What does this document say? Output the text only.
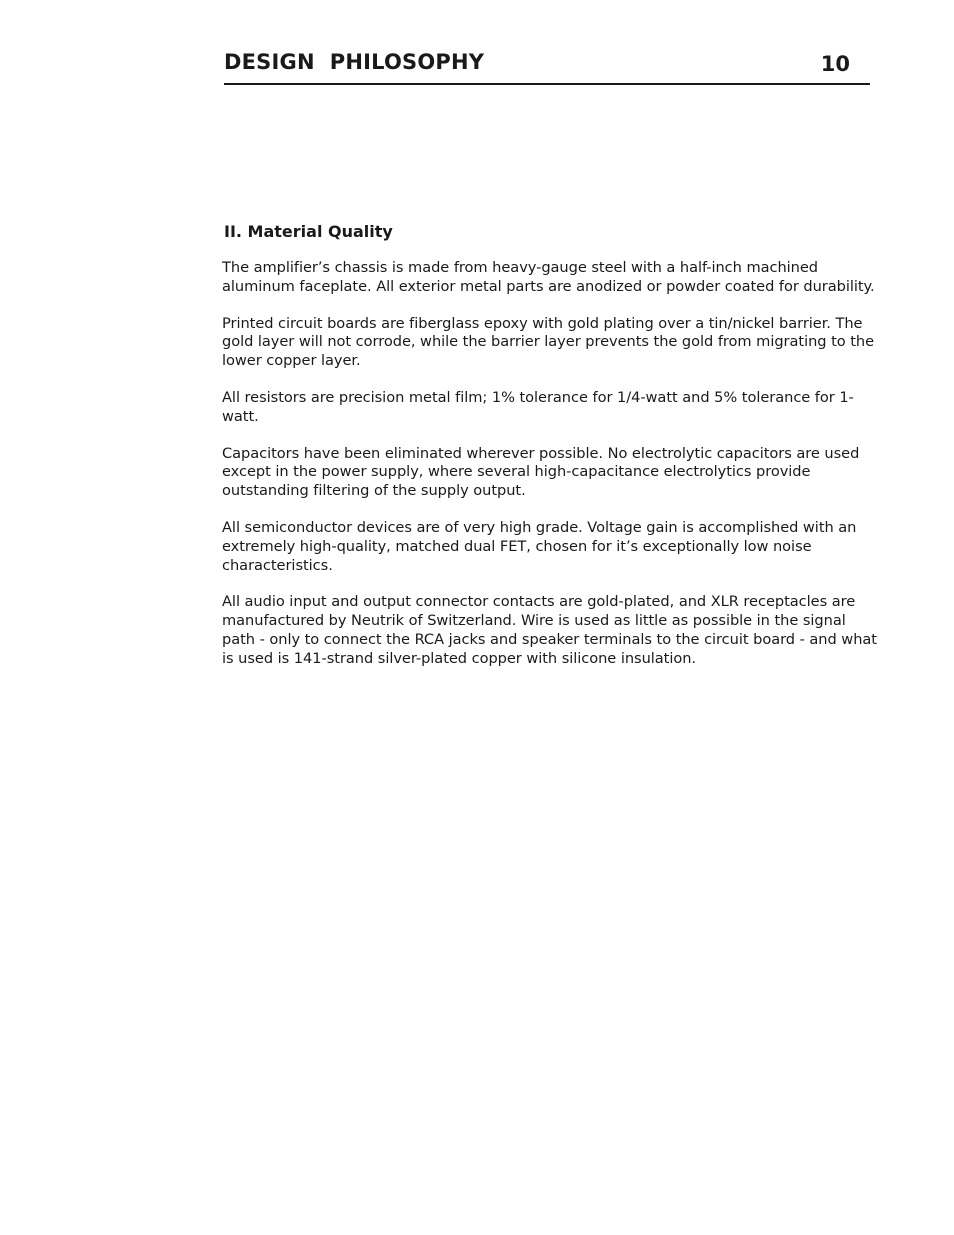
DESIGN  PHILOSOPHY	10
II. Material Quality

The amplifier’s chassis is made from heavy-gauge steel with a half-inch machined aluminum faceplate. All exterior metal parts are anodized or powder coated for durability.

Printed circuit boards are fiberglass epoxy with gold plating over a tin/nickel barrier. The gold layer will not corrode, while the barrier layer prevents the gold from migrating to the lower copper layer.

All resistors are precision metal film; 1% tolerance for 1/4-watt and 5% tolerance for 1-watt.

Capacitors have been eliminated wherever possible. No electrolytic capacitors are used except in the power supply, where several high-capacitance electrolytics provide outstanding filtering of the supply output.

All semiconductor devices are of very high grade. Voltage gain is accomplished with an extremely high-quality, matched dual FET, chosen for it’s exceptionally low noise characteristics.

All audio input and output connector contacts are gold-plated, and XLR receptacles are manufactured by Neutrik of Switzerland. Wire is used as little as possible in the signal path - only to connect the RCA jacks and speaker terminals to the circuit board - and what is used is 141-strand silver-plated copper with silicone insulation.
